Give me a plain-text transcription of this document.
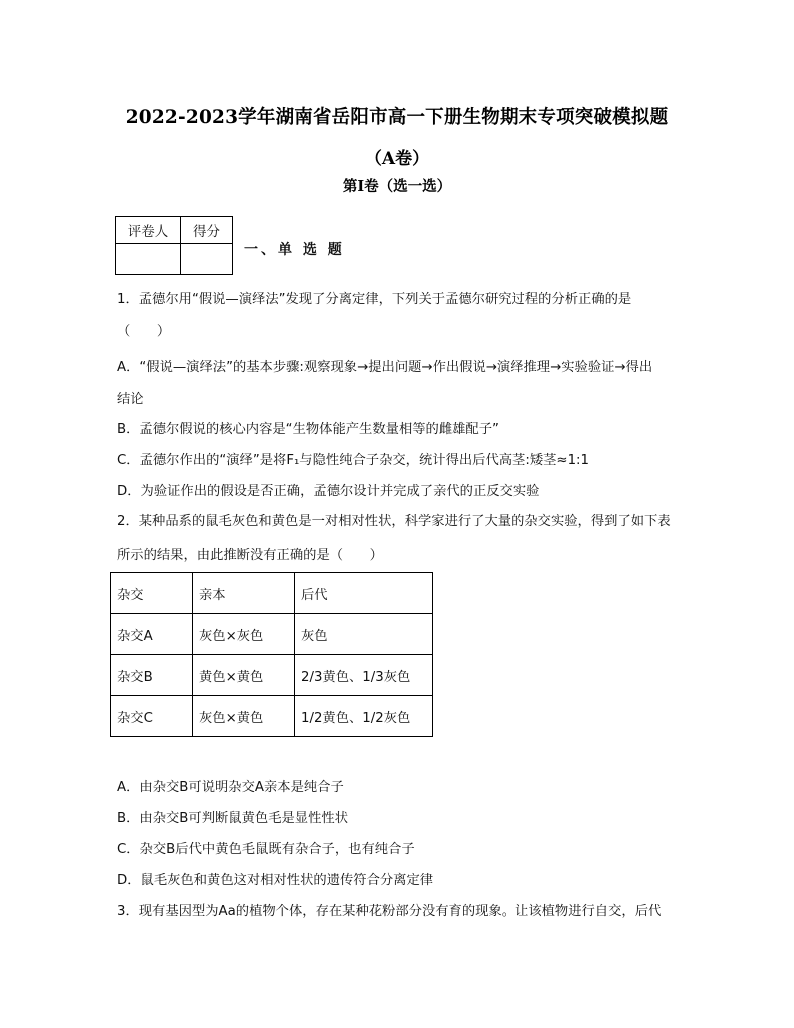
2022-2023学年湖南省岳阳市高一下册生物期末专项突破模拟题
（A卷）
第I卷（选一选）
评卷人	得分

一、单 选 题
1．孟德尔用“假说—演绎法”发现了分离定律，下列关于孟德尔研究过程的分析正确的是
（　　）
A．“假说—演绎法”的基本步骤:观察现象→提出问题→作出假说→演绎推理→实验验证→得出
结论
B．孟德尔假说的核心内容是“生物体能产生数量相等的雌雄配子”
C．孟德尔作出的“演绎”是将F₁与隐性纯合子杂交，统计得出后代高茎:矮茎≈1:1
D．为验证作出的假设是否正确，孟德尔设计并完成了亲代的正反交实验
2．某种品系的鼠毛灰色和黄色是一对相对性状，科学家进行了大量的杂交实验，得到了如下表
所示的结果，由此推断没有正确的是（　　）
杂交	亲本	后代
杂交A	灰色×灰色	灰色
杂交B	黄色×黄色	2/3黄色、1/3灰色
杂交C	灰色×黄色	1/2黄色、1/2灰色
A．由杂交B可说明杂交A亲本是纯合子
B．由杂交B可判断鼠黄色毛是显性性状
C．杂交B后代中黄色毛鼠既有杂合子，也有纯合子
D．鼠毛灰色和黄色这对相对性状的遗传符合分离定律
3．现有基因型为Aa的植物个体，存在某种花粉部分没有育的现象。让该植物进行自交，后代
